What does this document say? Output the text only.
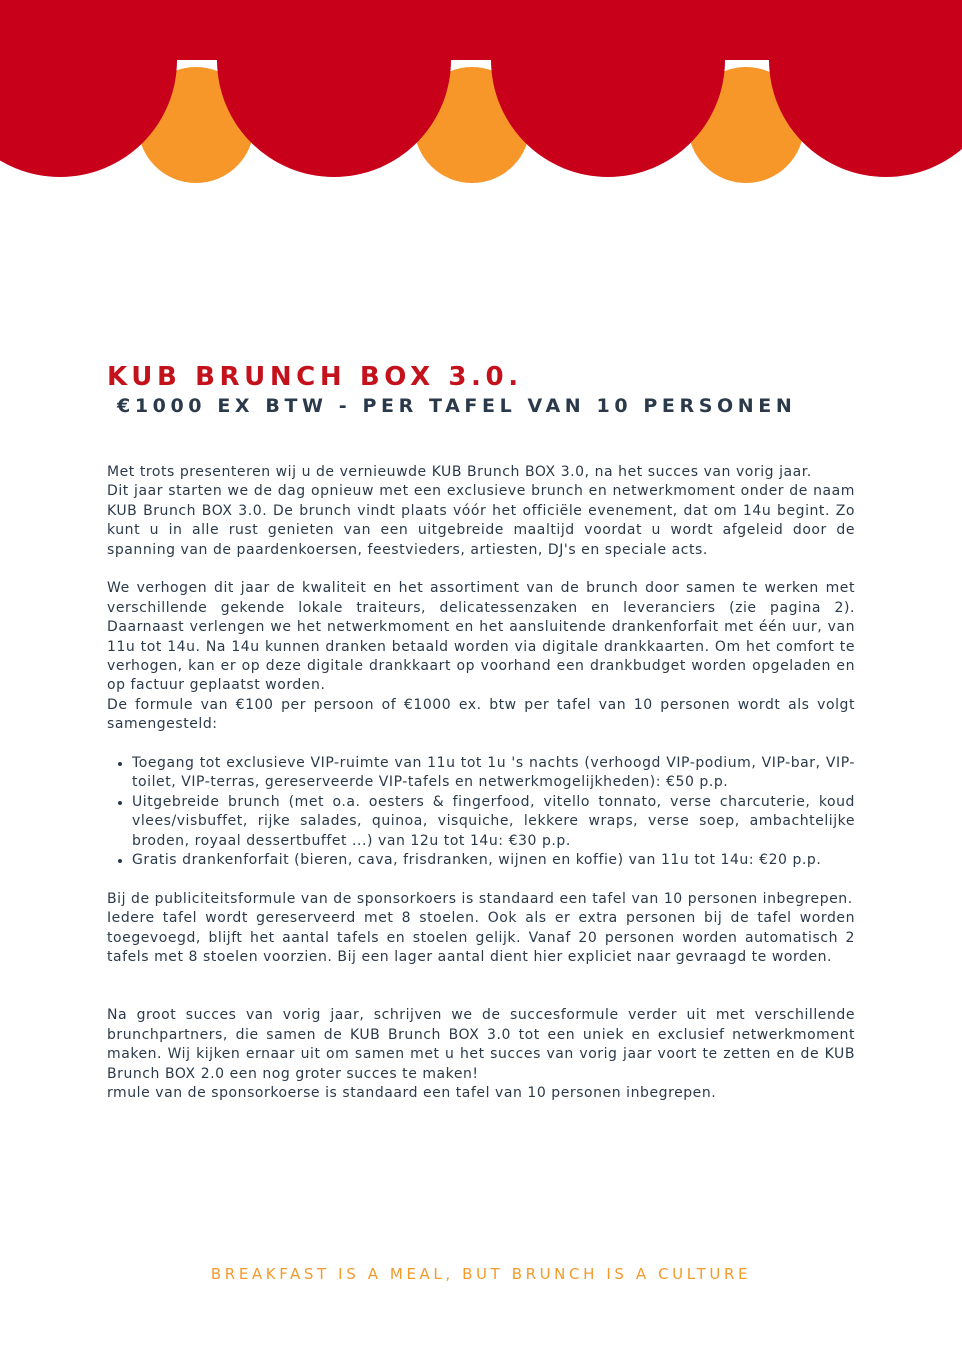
KUB BRUNCH BOX 3.0.
€1000 EX BTW - PER TAFEL VAN 10 PERSONEN

Met trots presenteren wij u de vernieuwde KUB Brunch BOX 3.0, na het succes van vorig jaar.

Dit jaar starten we de dag opnieuw met een exclusieve brunch en netwerkmoment onder de naam KUB Brunch BOX 3.0. De brunch vindt plaats vóór het officiële evenement, dat om 14u begint. Zo kunt u in alle rust genieten van een uitgebreide maaltijd voordat u wordt afgeleid door de spanning van de paardenkoersen, feestvieders, artiesten, DJ's en speciale acts.

We verhogen dit jaar de kwaliteit en het assortiment van de brunch door samen te werken met verschillende gekende lokale traiteurs, delicatessenzaken en leveranciers (zie pagina 2). Daarnaast verlengen we het netwerkmoment en het aansluitende drankenforfait met één uur, van 11u tot 14u. Na 14u kunnen dranken betaald worden via digitale drankkaarten. Om het comfort te verhogen, kan er op deze digitale drankkaart op voorhand een drankbudget worden opgeladen en op factuur geplaatst worden.

De formule van €100 per persoon of €1000 ex. btw per tafel van 10 personen wordt als volgt samengesteld:

• Toegang tot exclusieve VIP-ruimte van 11u tot 1u 's nachts (verhoogd VIP-podium, VIP-bar, VIP-toilet, VIP-terras, gereserveerde VIP-tafels en netwerkmogelijkheden): €50 p.p.
• Uitgebreide brunch (met o.a. oesters & fingerfood, vitello tonnato, verse charcuterie, koud vlees/visbuffet, rijke salades, quinoa, visquiche, lekkere wraps, verse soep, ambachtelijke broden, royaal dessertbuffet ...) van 12u tot 14u: €30 p.p.
• Gratis drankenforfait (bieren, cava, frisdranken, wijnen en koffie) van 11u tot 14u: €20 p.p.

Bij de publiciteitsformule van de sponsorkoers is standaard een tafel van 10 personen inbegrepen.

Iedere tafel wordt gereserveerd met 8 stoelen. Ook als er extra personen bij de tafel worden toegevoegd, blijft het aantal tafels en stoelen gelijk. Vanaf 20 personen worden automatisch 2 tafels met 8 stoelen voorzien. Bij een lager aantal dient hier expliciet naar gevraagd te worden.

Na groot succes van vorig jaar, schrijven we de succesformule verder uit met verschillende brunchpartners, die samen de KUB Brunch BOX 3.0 tot een uniek en exclusief netwerkmoment maken. Wij kijken ernaar uit om samen met u het succes van vorig jaar voort te zetten en de KUB Brunch BOX 2.0 een nog groter succes te maken!

rmule van de sponsorkoerse is standaard een tafel van 10 personen inbegrepen.

BREAKFAST IS A MEAL, BUT BRUNCH IS A CULTURE
